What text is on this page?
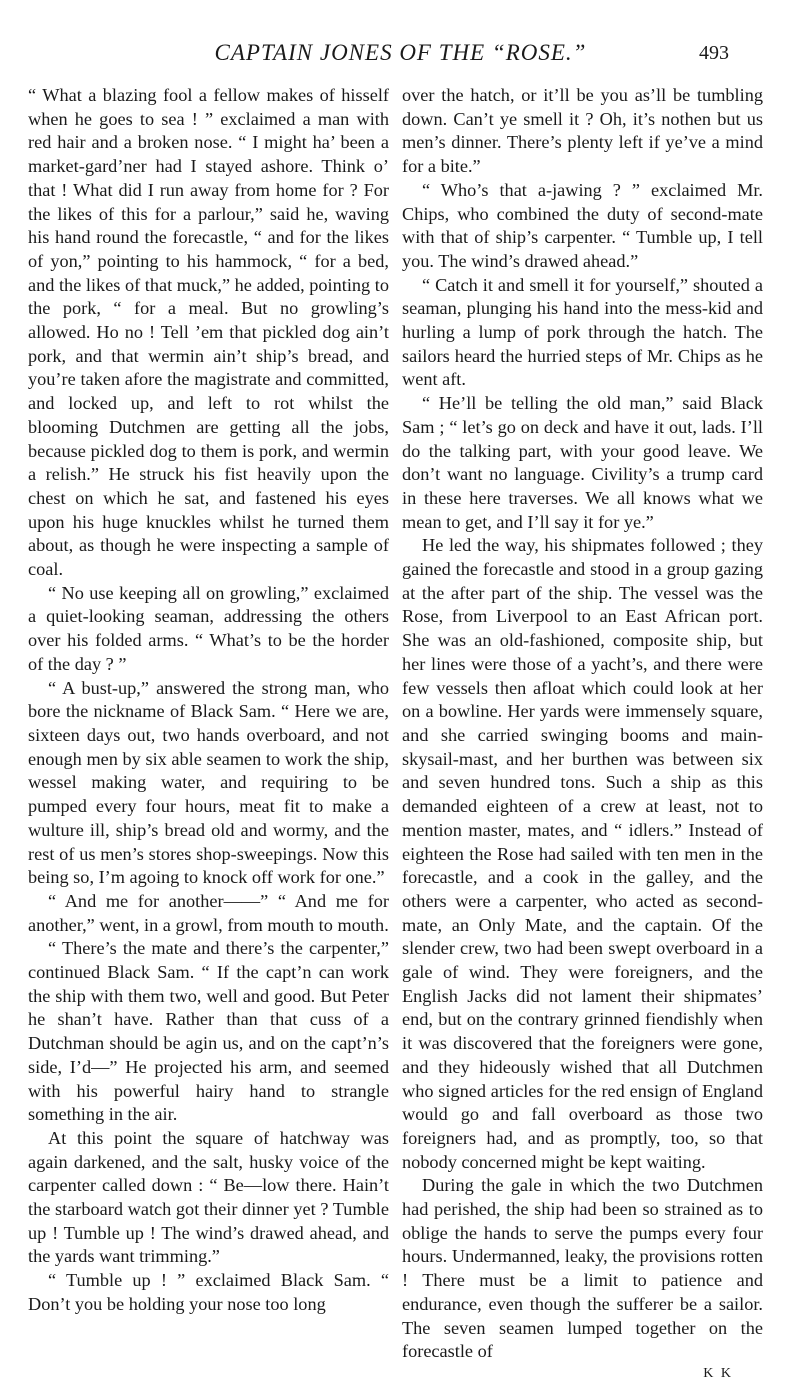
CAPTAIN JONES OF THE “ROSE.”	493

“ What a blazing fool a fellow makes of hisself when he goes to sea ! ” exclaimed a man with red hair and a broken nose. “ I might ha’ been a market-gard’ner had I stayed ashore. Think o’ that ! What did I run away from home for ? For the likes of this for a parlour,” said he, waving his hand round the forecastle, “ and for the likes of yon,” pointing to his hammock, “ for a bed, and the likes of that muck,” he added, pointing to the pork, “ for a meal. But no growling’s allowed. Ho no ! Tell ’em that pickled dog ain’t pork, and that wermin ain’t ship’s bread, and you’re taken afore the magistrate and committed, and locked up, and left to rot whilst the blooming Dutchmen are getting all the jobs, because pickled dog to them is pork, and wermin a relish.” He struck his fist heavily upon the chest on which he sat, and fastened his eyes upon his huge knuckles whilst he turned them about, as though he were inspecting a sample of coal.

“ No use keeping all on growling,” exclaimed a quiet-looking seaman, addressing the others over his folded arms. “ What’s to be the horder of the day ? ”

“ A bust-up,” answered the strong man, who bore the nickname of Black Sam. “ Here we are, sixteen days out, two hands overboard, and not enough men by six able seamen to work the ship, wessel making water, and requiring to be pumped every four hours, meat fit to make a wulture ill, ship’s bread old and wormy, and the rest of us men’s stores shop-sweepings. Now this being so, I’m agoing to knock off work for one.”

“ And me for another——” “ And me for another,” went, in a growl, from mouth to mouth.

“ There’s the mate and there’s the carpenter,” continued Black Sam. “ If the capt’n can work the ship with them two, well and good. But Peter he shan’t have. Rather than that cuss of a Dutchman should be agin us, and on the capt’n’s side, I’d—” He projected his arm, and seemed with his powerful hairy hand to strangle something in the air.

At this point the square of hatchway was again darkened, and the salt, husky voice of the carpenter called down : “ Be—low there. Hain’t the starboard watch got their dinner yet ? Tumble up ! Tumble up ! The wind’s drawed ahead, and the yards want trimming.”

“ Tumble up ! ” exclaimed Black Sam. “ Don’t you be holding your nose too long

over the hatch, or it’ll be you as’ll be tumbling down. Can’t ye smell it ? Oh, it’s nothen but us men’s dinner. There’s plenty left if ye’ve a mind for a bite.”

“ Who’s that a-jawing ? ” exclaimed Mr. Chips, who combined the duty of second-mate with that of ship’s carpenter. “ Tumble up, I tell you. The wind’s drawed ahead.”

“ Catch it and smell it for yourself,” shouted a seaman, plunging his hand into the mess-kid and hurling a lump of pork through the hatch. The sailors heard the hurried steps of Mr. Chips as he went aft.

“ He’ll be telling the old man,” said Black Sam ; “ let’s go on deck and have it out, lads. I’ll do the talking part, with your good leave. We don’t want no language. Civility’s a trump card in these here traverses. We all knows what we mean to get, and I’ll say it for ye.”

He led the way, his shipmates followed ; they gained the forecastle and stood in a group gazing at the after part of the ship. The vessel was the Rose, from Liverpool to an East African port. She was an old-fashioned, composite ship, but her lines were those of a yacht’s, and there were few vessels then afloat which could look at her on a bowline. Her yards were immensely square, and she carried swinging booms and main-skysail-mast, and her burthen was between six and seven hundred tons. Such a ship as this demanded eighteen of a crew at least, not to mention master, mates, and “ idlers.” Instead of eighteen the Rose had sailed with ten men in the forecastle, and a cook in the galley, and the others were a carpenter, who acted as second-mate, an Only Mate, and the captain. Of the slender crew, two had been swept overboard in a gale of wind. They were foreigners, and the English Jacks did not lament their shipmates’ end, but on the contrary grinned fiendishly when it was discovered that the foreigners were gone, and they hideously wished that all Dutchmen who signed articles for the red ensign of England would go and fall overboard as those two foreigners had, and as promptly, too, so that nobody concerned might be kept waiting.

During the gale in which the two Dutchmen had perished, the ship had been so strained as to oblige the hands to serve the pumps every four hours. Undermanned, leaky, the provisions rotten ! There must be a limit to patience and endurance, even though the sufferer be a sailor. The seven seamen lumped together on the forecastle of

K K
